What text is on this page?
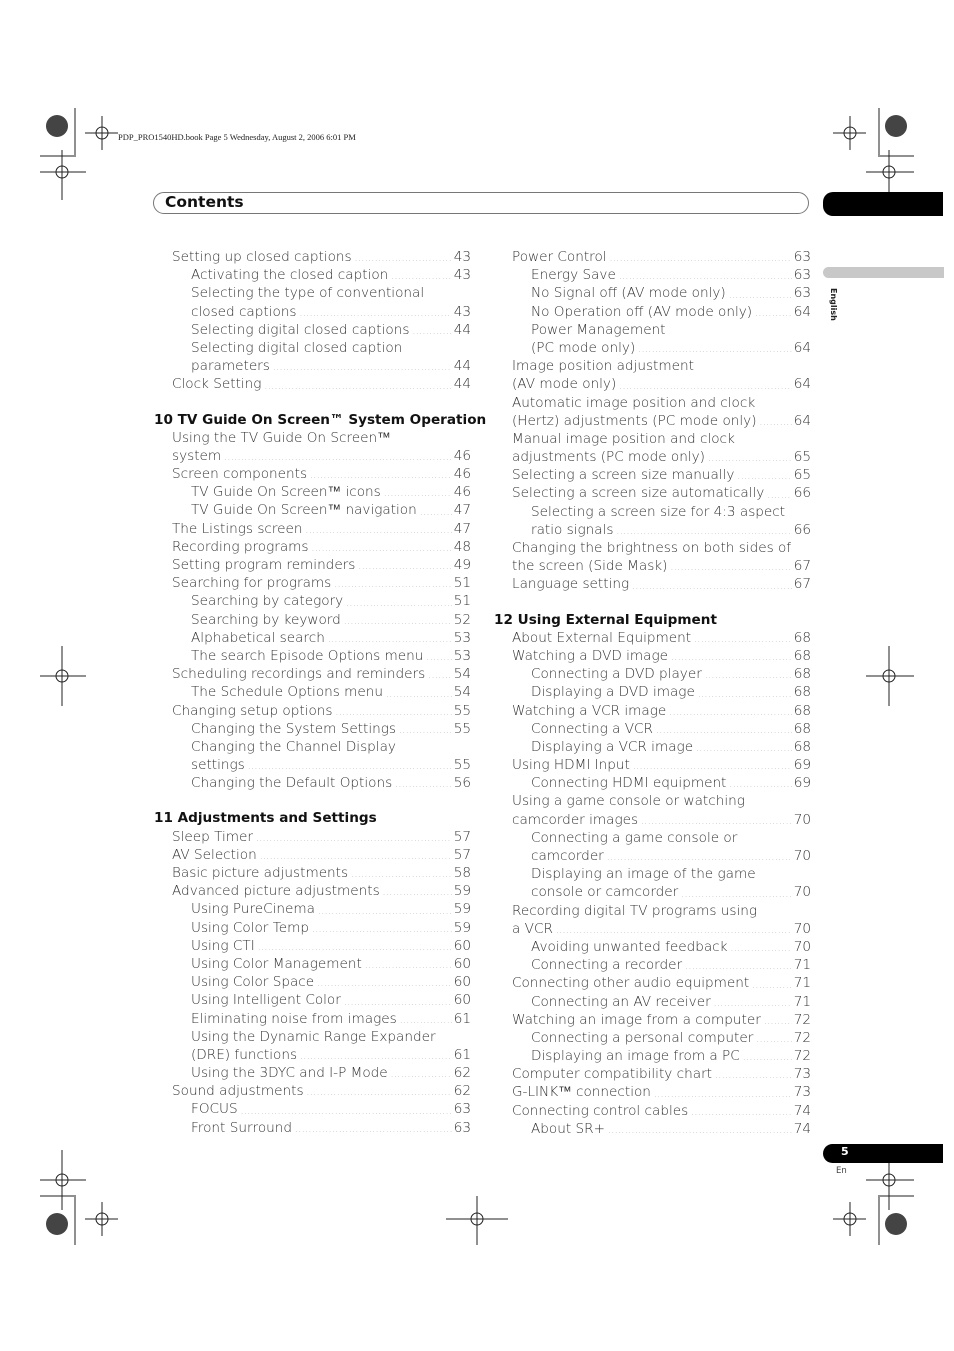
PDP_PRO1540HD.book Page 5 Wednesday, August 2, 2006 6:01 PM
Contents
English
Setting up closed captions .....	43
Activating the closed caption .....	43
Selecting the type of conventional
closed captions .....	43
Selecting digital closed captions .....	44
Selecting digital closed caption
parameters .....	44
Clock Setting .....	44
10 TV Guide On Screen™ System Operation
Using the TV Guide On Screen™
system .....	46
Screen components .....	46
TV Guide On Screen™ icons .....	46
TV Guide On Screen™ navigation .....	47
The Listings screen .....	47
Recording programs .....	48
Setting program reminders .....	49
Searching for programs .....	51
Searching by category .....	51
Searching by keyword .....	52
Alphabetical search .....	53
The search Episode Options menu ..... 53
Scheduling recordings and reminders ..... 54
The Schedule Options menu .....	54
Changing setup options .....	55
Changing the System Settings .....	55
Changing the Channel Display
settings .....	55
Changing the Default Options .....	56
11 Adjustments and Settings
Sleep Timer .....	57
AV Selection .....	57
Basic picture adjustments .....	58
Advanced picture adjustments .....	59
Using PureCinema .....	59
Using Color Temp .....	59
Using CTI .....	60
Using Color Management .....	60
Using Color Space .....	60
Using Intelligent Color .....	60
Eliminating noise from images .....	61
Using the Dynamic Range Expander
(DRE) functions .....	61
Using the 3DYC and I-P Mode .....	62
Sound adjustments .....	62
FOCUS .....	63
Front Surround .....	63
Power Control .....	63
Energy Save .....	63
No Signal off (AV mode only) .....	63
No Operation off (AV mode only) .....	64
Power Management
(PC mode only) .....	64
Image position adjustment
(AV mode only) .....	64
Automatic image position and clock
(Hertz) adjustments (PC mode only) .....	64
Manual image position and clock
adjustments (PC mode only) .....	65
Selecting a screen size manually .....	65
Selecting a screen size automatically ..... 66
Selecting a screen size for 4:3 aspect
ratio signals .....	66
Changing the brightness on both sides of
the screen (Side Mask) .....	67
Language setting .....	67
12 Using External Equipment
About External Equipment .....	68
Watching a DVD image .....	68
Connecting a DVD player .....	68
Displaying a DVD image .....	68
Watching a VCR image .....	68
Connecting a VCR .....	68
Displaying a VCR image .....	68
Using HDMI Input .....	69
Connecting HDMI equipment .....	69
Using a game console or watching
camcorder images .....	70
Connecting a game console or
camcorder .....	70
Displaying an image of the game
console or camcorder .....	70
Recording digital TV programs using
a VCR .....	70
Avoiding unwanted feedback .....	70
Connecting a recorder .....	71
Connecting other audio equipment .....	71
Connecting an AV receiver .....	71
Watching an image from a computer ..... 72
Connecting a personal computer .....	72
Displaying an image from a PC .....	72
Computer compatibility chart .....	73
G-LINK™ connection .....	73
Connecting control cables .....	74
About SR+ .....	74
5
En
